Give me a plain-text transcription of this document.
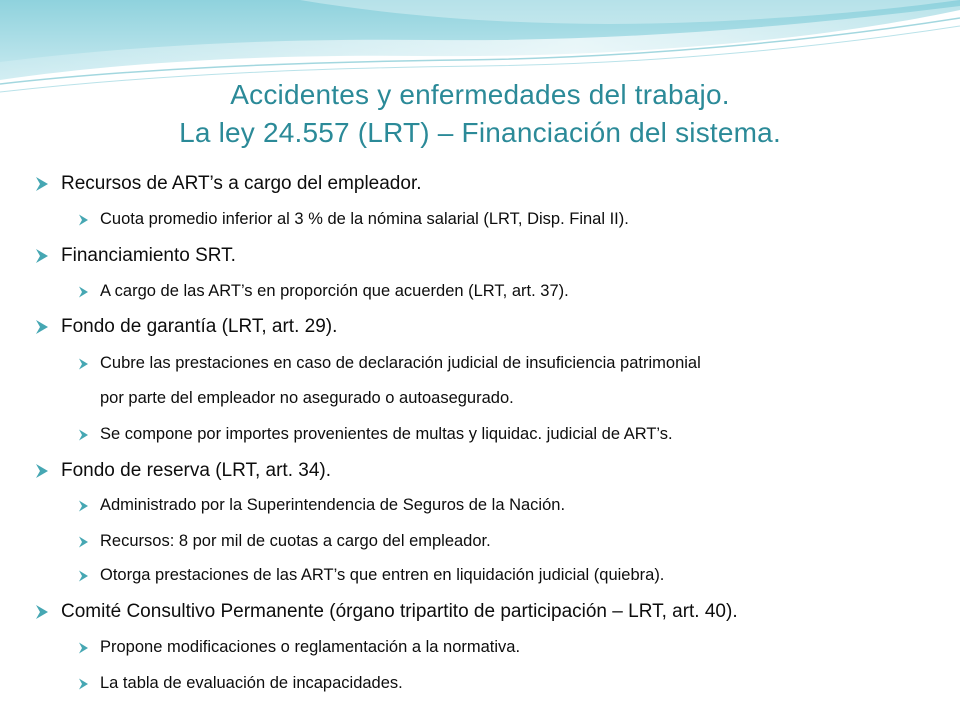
Accidentes y enfermedades del trabajo.
La ley 24.557 (LRT) – Financiación del sistema.
Recursos de ART’s a cargo del empleador.
Cuota promedio inferior al 3 % de la nómina salarial (LRT, Disp. Final II).
Financiamiento SRT.
A cargo de las ART’s en proporción que acuerden (LRT, art. 37).
Fondo de garantía (LRT, art. 29).
Cubre las prestaciones en caso de declaración judicial de insuficiencia patrimonial
por parte del empleador no asegurado o autoasegurado.
Se compone por importes provenientes de multas y liquidac. judicial de ART’s.
Fondo de reserva (LRT, art. 34).
Administrado por la Superintendencia de Seguros de la Nación.
Recursos: 8 por mil de cuotas a cargo del empleador.
Otorga prestaciones de las ART’s que entren en liquidación judicial (quiebra).
Comité Consultivo Permanente (órgano tripartito de participación – LRT, art. 40).
Propone modificaciones o reglamentación a la normativa.
La tabla de evaluación de incapacidades.
